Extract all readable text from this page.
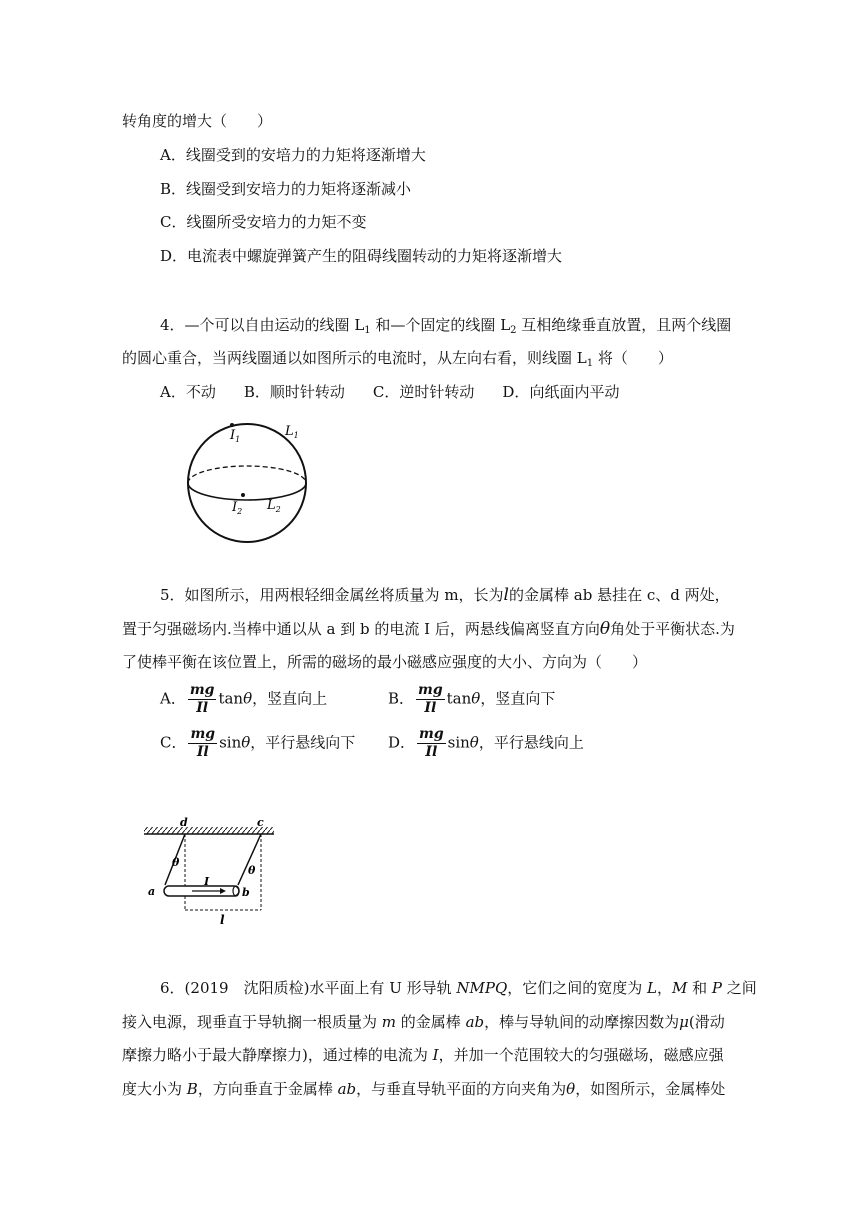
转角度的增大（　　）
A．线圈受到的安培力的力矩将逐渐增大
B．线圈受到安培力的力矩将逐渐减小
C．线圈所受安培力的力矩不变
D．电流表中螺旋弹簧产生的阻碍线圈转动的力矩将逐渐增大
4．—个可以自由运动的线圈 $L_1$ 和—个固定的线圈 $L_2$ 互相绝缘垂直放置，且两个线圈
的圆心重合，当两线圈通以如图所示的电流时，从左向右看，则线圈 $L_1$ 将（　　）
A．不动 B．顺时针转动 C．逆时针转动 D．向纸面内平动
$I_1$
$L_1$
$I_2$ $L_2$
5．如图所示，用两根轻细金属丝将质量为 m，长为l的金属棒 ab 悬挂在 c、d 两处，
置于匀强磁场内.当棒中通以从 a 到 b 的电流 I 后，两悬线偏离竖直方向θ角处于平衡状态.为
了使棒平衡在该位置上，所需的磁场的最小磁感应强度的大小、方向为（　　）
A． $\frac{mg}{Il}$ tanθ，竖直向上	B． $\frac{mg}{Il}$ tanθ，竖直向下
C． $\frac{mg}{Il}$ sinθ，平行悬线向下 D． $\frac{mg}{Il}$ sinθ，平行悬线向上
d	c
θ
θ
I
a	b
l
6．(2019　沈阳质检)水平面上有 U 形导轨 NMPQ，它们之间的宽度为 L，M 和 P 之间
接入电源，现垂直于导轨搁一根质量为 m 的金属棒 ab，棒与导轨间的动摩擦因数为μ(滑动
摩擦力略小于最大静摩擦力)，通过棒的电流为 I，并加一个范围较大的匀强磁场，磁感应强
度大小为 B，方向垂直于金属棒 ab，与垂直导轨平面的方向夹角为θ，如图所示，金属棒处
